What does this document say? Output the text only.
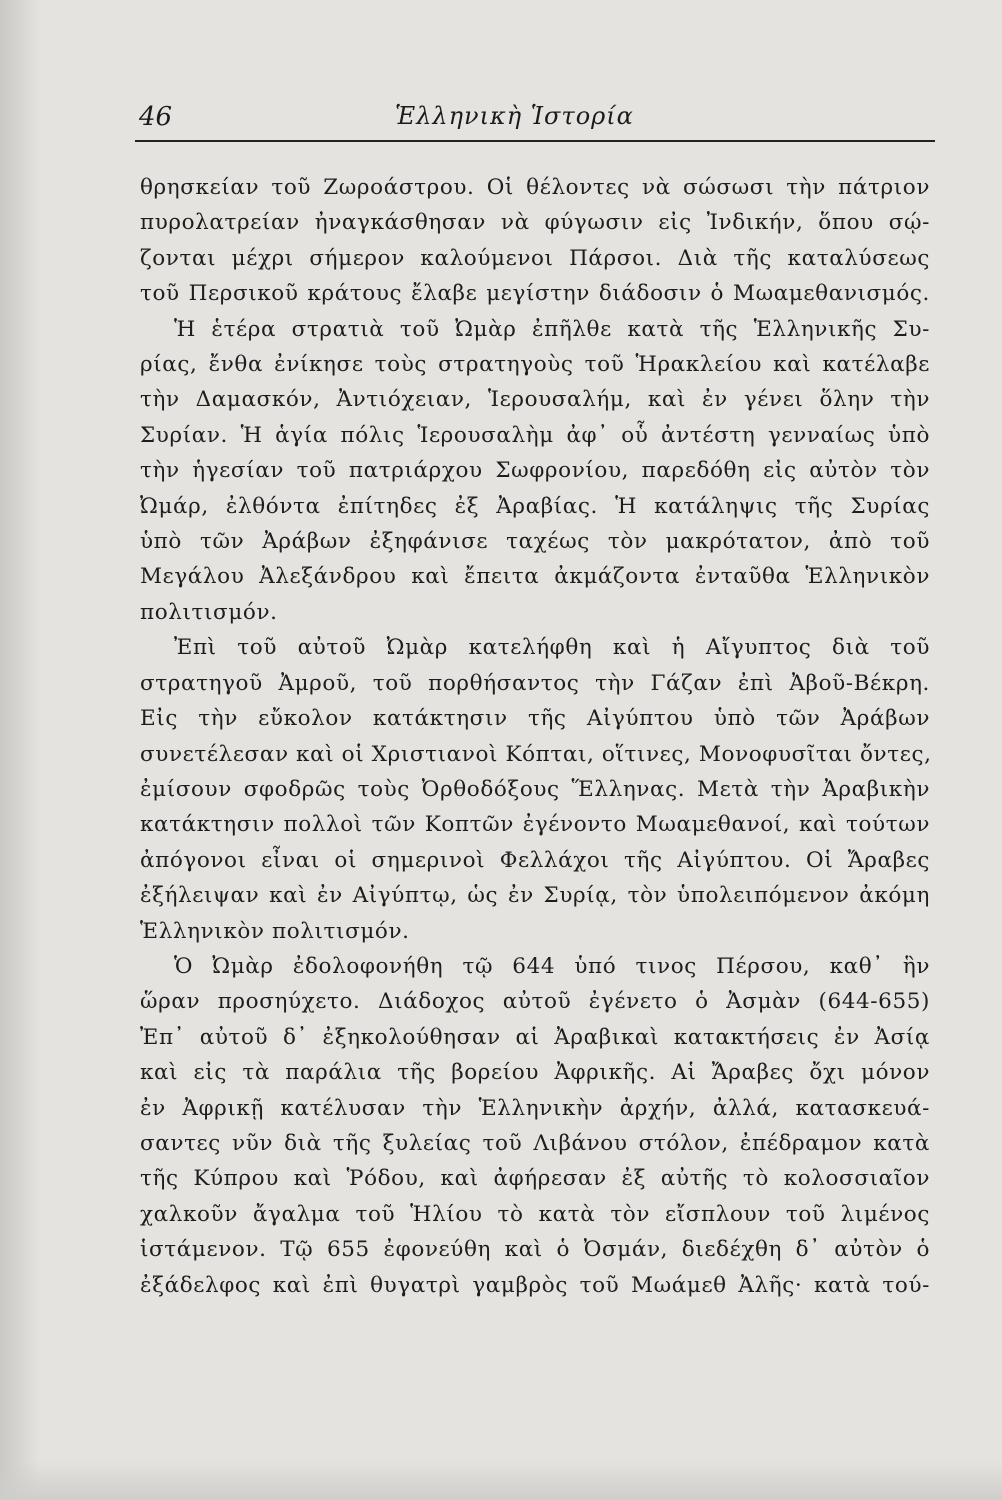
46	Ἑλληνικὴ Ἱστορία
θρησκείαν τοῦ Ζωροάστρου. Οἱ θέλοντες νὰ σώσωσι τὴν πάτριον
πυρολατρείαν ἠναγκάσθησαν νὰ φύγωσιν εἰς Ἰνδικήν, ὅπου σῴ-
ζονται μέχρι σήμερον καλούμενοι Πάρσοι. Διὰ τῆς καταλύσεως
τοῦ Περσικοῦ κράτους ἔλαβε μεγίστην διάδοσιν ὁ Μωαμεθανισμός.
Ἡ ἑτέρα στρατιὰ τοῦ Ὠμὰρ ἐπῆλθε κατὰ τῆς Ἑλληνικῆς Συ-
ρίας, ἔνθα ἐνίκησε τοὺς στρατηγοὺς τοῦ Ἡρακλείου καὶ κατέλαβε
τὴν Δαμασκόν, Ἀντιόχειαν, Ἱερουσαλήμ, καὶ ἐν γένει ὅλην τὴν
Συρίαν. Ἡ ἁγία πόλις Ἱερουσαλὴμ ἀφ᾽ οὗ ἀντέστη γενναίως ὑπὸ
τὴν ἡγεσίαν τοῦ πατριάρχου Σωφρονίου, παρεδόθη εἰς αὐτὸν τὸν
Ὠμάρ, ἐλθόντα ἐπίτηδες ἐξ Ἀραβίας. Ἡ κατάληψις τῆς Συρίας
ὑπὸ τῶν Ἀράβων ἐξηφάνισε ταχέως τὸν μακρότατον, ἀπὸ τοῦ
Μεγάλου Ἀλεξάνδρου καὶ ἔπειτα ἀκμάζοντα ἐνταῦθα Ἑλληνικὸν
πολιτισμόν.
Ἐπὶ τοῦ αὐτοῦ Ὠμὰρ κατελήφθη καὶ ἡ Αἴγυπτος διὰ τοῦ
στρατηγοῦ Ἀμροῦ, τοῦ πορθήσαντος τὴν Γάζαν ἐπὶ Ἀβοῦ-Βέκρη.
Εἰς τὴν εὔκολον κατάκτησιν τῆς Αἰγύπτου ὑπὸ τῶν Ἀράβων
συνετέλεσαν καὶ οἱ Χριστιανοὶ Κόπται, οἵτινες, Μονοφυσῖται ὄντες,
ἐμίσουν σφοδρῶς τοὺς Ὀρθοδόξους Ἕλληνας. Μετὰ τὴν Ἀραβικὴν
κατάκτησιν πολλοὶ τῶν Κοπτῶν ἐγένοντο Μωαμεθανοί, καὶ τούτων
ἀπόγονοι εἶναι οἱ σημερινοὶ Φελλάχοι τῆς Αἰγύπτου. Οἱ Ἄραβες
ἐξήλειψαν καὶ ἐν Αἰγύπτῳ, ὡς ἐν Συρίᾳ, τὸν ὑπολειπόμενον ἀκόμη
Ἑλληνικὸν πολιτισμόν.
Ὁ Ὠμὰρ ἐδολοφονήθη τῷ 644 ὑπό τινος Πέρσου, καθ᾽ ἣν
ὥραν προσηύχετο. Διάδοχος αὐτοῦ ἐγένετο ὁ Ἀσμὰν (644-655)
Ἐπ᾽ αὐτοῦ δ᾽ ἐξηκολούθησαν αἱ Ἀραβικαὶ κατακτήσεις ἐν Ἀσίᾳ
καὶ εἰς τὰ παράλια τῆς βορείου Ἀφρικῆς. Αἱ Ἄραβες ὄχι μόνον
ἐν Ἀφρικῇ κατέλυσαν τὴν Ἑλληνικὴν ἀρχήν, ἀλλά, κατασκευά-
σαντες νῦν διὰ τῆς ξυλείας τοῦ Λιβάνου στόλον, ἐπέδραμον κατὰ
τῆς Κύπρου καὶ Ῥόδου, καὶ ἀφήρεσαν ἐξ αὐτῆς τὸ κολοσσιαῖον
χαλκοῦν ἄγαλμα τοῦ Ἡλίου τὸ κατὰ τὸν εἴσπλουν τοῦ λιμένος
ἱστάμενον. Τῷ 655 ἐφονεύθη καὶ ὁ Ὀσμάν, διεδέχθη δ᾽ αὐτὸν ὁ
ἐξάδελφος καὶ ἐπὶ θυγατρὶ γαμβρὸς τοῦ Μωάμεθ Ἀλῆς· κατὰ τού-
